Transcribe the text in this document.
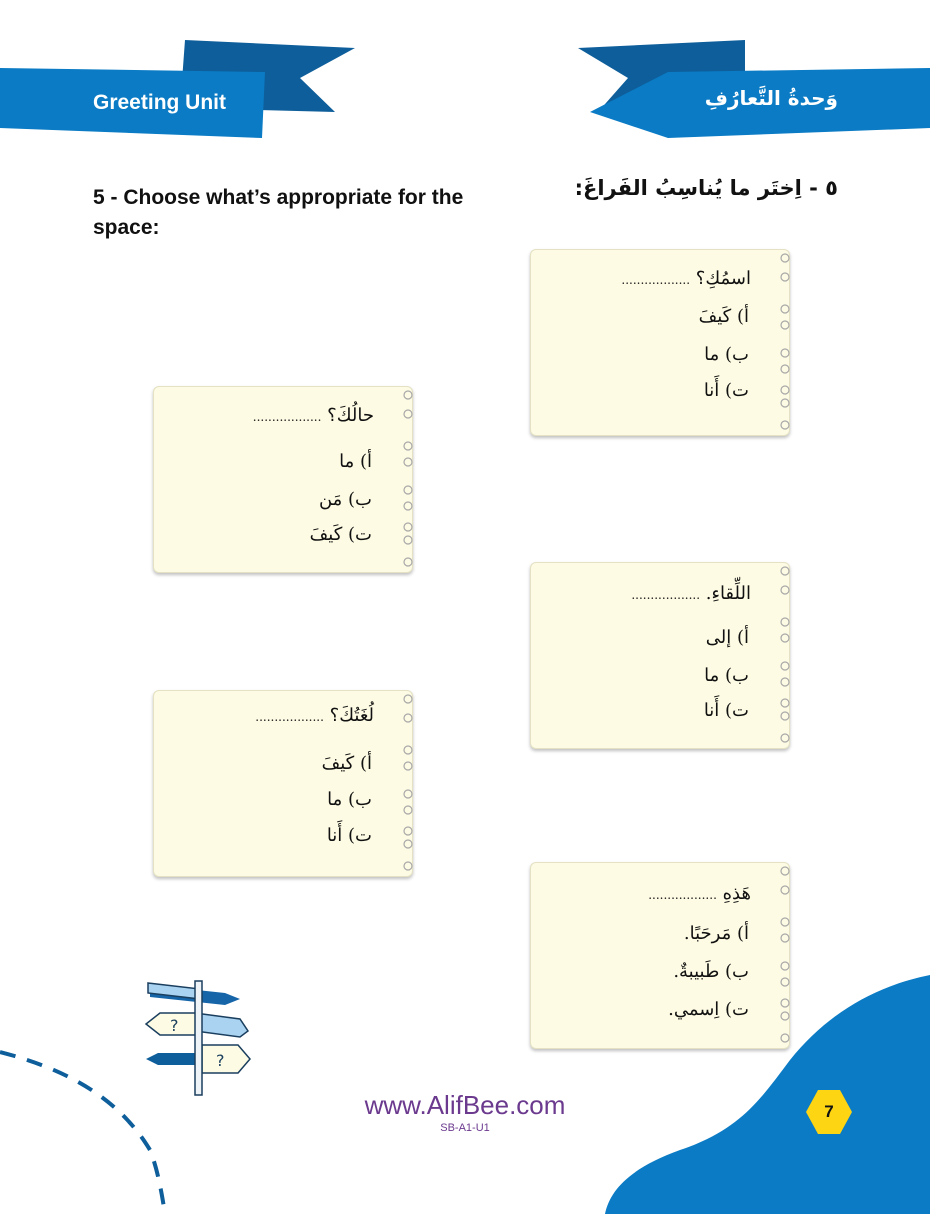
Greeting Unit	وَحدةُ التَّعارُفِ
5 - Choose what’s appropriate for the space:
٥ - اِختَر ما يُناسِبُ الفَراغَ:
اسمُكِ؟ ..................
أ) كَيفَ
ب) ما
ت) أَنا
حالُكَ؟ ..................
أ) ما
ب) مَن
ت) كَيفَ
اللِّقاءِ. ..................
أ) إلى
ب) ما
ت) أَنا
لُغَتُكَ؟ ..................
أ) كَيفَ
ب) ما
ت) أَنا
هَذِهِ ..................
أ) مَرحَبًا.
ب) طَبيبةٌ.
ت) اِسمي.
?
?
www.AlifBee.com
SB-A1-U1
7
